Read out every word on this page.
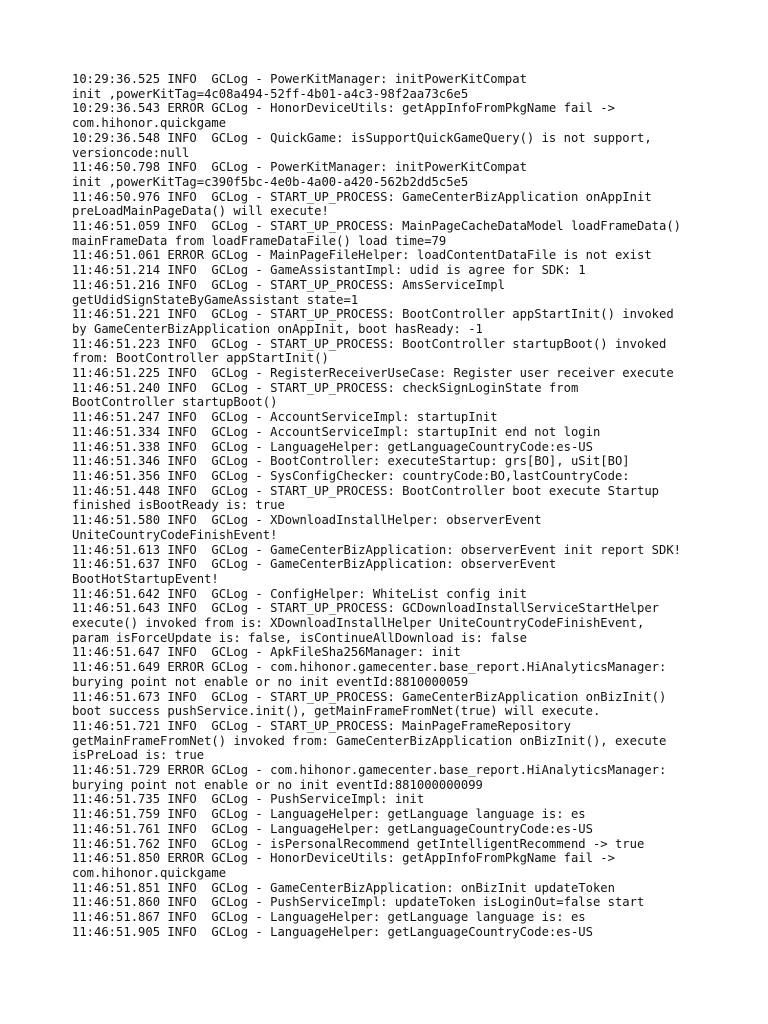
10:29:36.525 INFO  GCLog - PowerKitManager: initPowerKitCompat
init ,powerKitTag=4c08a494-52ff-4b01-a4c3-98f2aa73c6e5
10:29:36.543 ERROR GCLog - HonorDeviceUtils: getAppInfoFromPkgName fail ->
com.hihonor.quickgame
10:29:36.548 INFO  GCLog - QuickGame: isSupportQuickGameQuery() is not support,
versioncode:null
11:46:50.798 INFO  GCLog - PowerKitManager: initPowerKitCompat
init ,powerKitTag=c390f5bc-4e0b-4a00-a420-562b2dd5c5e5
11:46:50.976 INFO  GCLog - START_UP_PROCESS: GameCenterBizApplication onAppInit
preLoadMainPageData() will execute!
11:46:51.059 INFO  GCLog - START_UP_PROCESS: MainPageCacheDataModel loadFrameData()
mainFrameData from loadFrameDataFile() load time=79
11:46:51.061 ERROR GCLog - MainPageFileHelper: loadContentDataFile is not exist
11:46:51.214 INFO  GCLog - GameAssistantImpl: udid is agree for SDK: 1
11:46:51.216 INFO  GCLog - START_UP_PROCESS: AmsServiceImpl
getUdidSignStateByGameAssistant state=1
11:46:51.221 INFO  GCLog - START_UP_PROCESS: BootController appStartInit() invoked
by GameCenterBizApplication onAppInit, boot hasReady: -1
11:46:51.223 INFO  GCLog - START_UP_PROCESS: BootController startupBoot() invoked
from: BootController appStartInit()
11:46:51.225 INFO  GCLog - RegisterReceiverUseCase: Register user receiver execute
11:46:51.240 INFO  GCLog - START_UP_PROCESS: checkSignLoginState from
BootController startupBoot()
11:46:51.247 INFO  GCLog - AccountServiceImpl: startupInit
11:46:51.334 INFO  GCLog - AccountServiceImpl: startupInit end not login
11:46:51.338 INFO  GCLog - LanguageHelper: getLanguageCountryCode:es-US
11:46:51.346 INFO  GCLog - BootController: executeStartup: grs[BO], uSit[BO]
11:46:51.356 INFO  GCLog - SysConfigChecker: countryCode:BO,lastCountryCode:
11:46:51.448 INFO  GCLog - START_UP_PROCESS: BootController boot execute Startup
finished isBootReady is: true
11:46:51.580 INFO  GCLog - XDownloadInstallHelper: observerEvent
UniteCountryCodeFinishEvent!
11:46:51.613 INFO  GCLog - GameCenterBizApplication: observerEvent init report SDK!
11:46:51.637 INFO  GCLog - GameCenterBizApplication: observerEvent
BootHotStartupEvent!
11:46:51.642 INFO  GCLog - ConfigHelper: WhiteList config init
11:46:51.643 INFO  GCLog - START_UP_PROCESS: GCDownloadInstallServiceStartHelper
execute() invoked from is: XDownloadInstallHelper UniteCountryCodeFinishEvent,
param isForceUpdate is: false, isContinueAllDownload is: false
11:46:51.647 INFO  GCLog - ApkFileSha256Manager: init
11:46:51.649 ERROR GCLog - com.hihonor.gamecenter.base_report.HiAnalyticsManager:
burying point not enable or no init eventId:8810000059
11:46:51.673 INFO  GCLog - START_UP_PROCESS: GameCenterBizApplication onBizInit()
boot success pushService.init(), getMainFrameFromNet(true) will execute.
11:46:51.721 INFO  GCLog - START_UP_PROCESS: MainPageFrameRepository
getMainFrameFromNet() invoked from: GameCenterBizApplication onBizInit(), execute
isPreLoad is: true
11:46:51.729 ERROR GCLog - com.hihonor.gamecenter.base_report.HiAnalyticsManager:
burying point not enable or no init eventId:881000000099
11:46:51.735 INFO  GCLog - PushServiceImpl: init
11:46:51.759 INFO  GCLog - LanguageHelper: getLanguage language is: es
11:46:51.761 INFO  GCLog - LanguageHelper: getLanguageCountryCode:es-US
11:46:51.762 INFO  GCLog - isPersonalRecommend getIntelligentRecommend -> true
11:46:51.850 ERROR GCLog - HonorDeviceUtils: getAppInfoFromPkgName fail ->
com.hihonor.quickgame
11:46:51.851 INFO  GCLog - GameCenterBizApplication: onBizInit updateToken
11:46:51.860 INFO  GCLog - PushServiceImpl: updateToken isLoginOut=false start
11:46:51.867 INFO  GCLog - LanguageHelper: getLanguage language is: es
11:46:51.905 INFO  GCLog - LanguageHelper: getLanguageCountryCode:es-US
